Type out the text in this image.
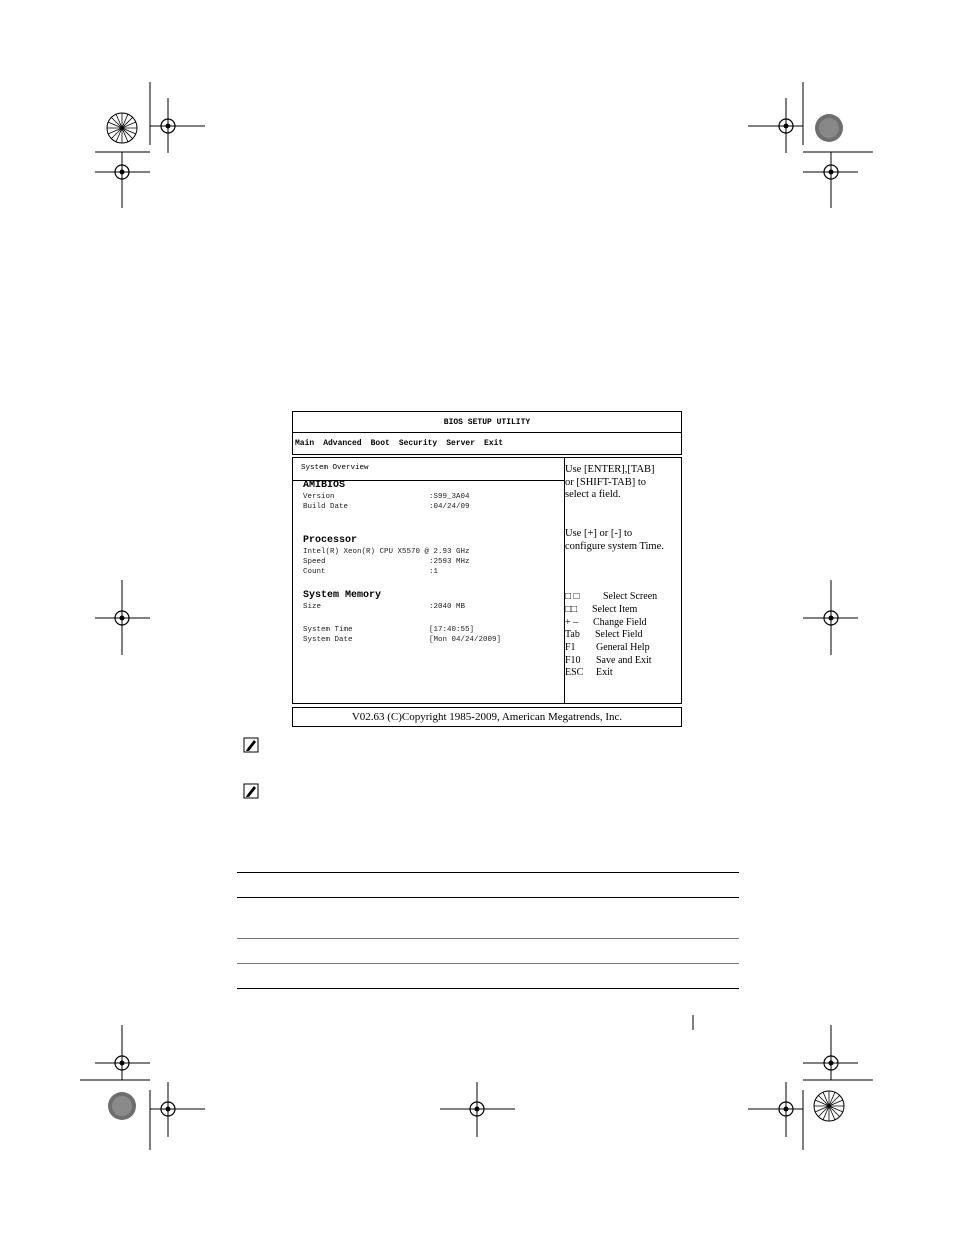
BIOS SETUP UTILITY
Main Advanced Boot Security Server Exit
System Overview
AMIBIOS
Version	:S99_3A04
Build Date	:04/24/09
Processor
Intel(R) Xeon(R) CPU X5570 @ 2.93 GHz
Speed	:2593 MHz
Count	:1
System Memory
Size	:2040 MB
System Time	[17:40:55]
System Date	[Mon 04/24/2009]
Use [ENTER],[TAB]
or [SHIFT-TAB] to
select a field.
Use [+] or [-] to
configure system Time.
□ □ Select Screen
□□ Select Item
+ – Change Field
Tab Select Field
F1 General Help
F10 Save and Exit
ESC Exit
V02.63 (C)Copyright 1985-2009, American Megatrends, Inc.
